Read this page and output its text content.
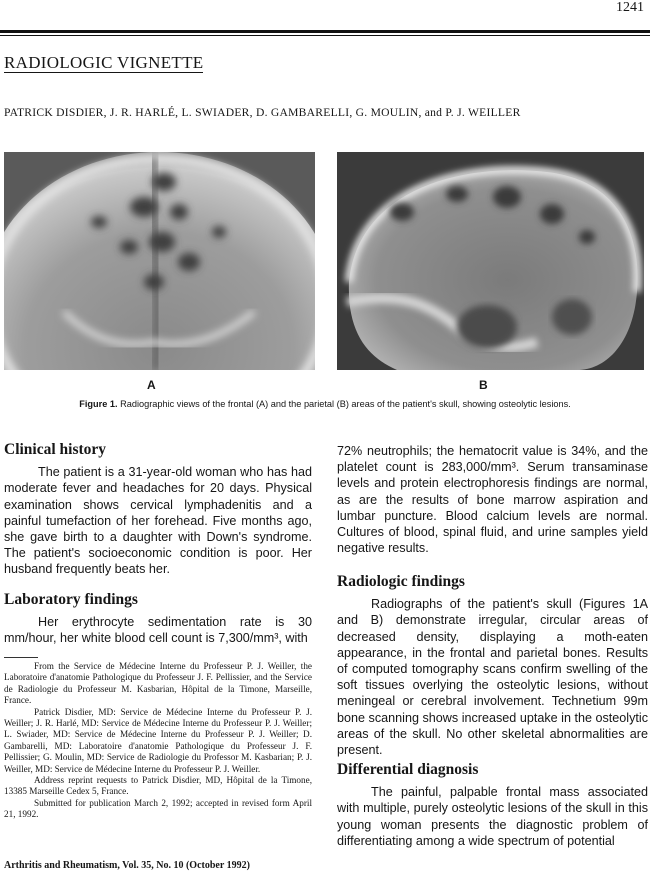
1241
RADIOLOGIC VIGNETTE
PATRICK DISDIER, J. R. HARLÉ, L. SWIADER, D. GAMBARELLI, G. MOULIN, and P. J. WEILLER
A	B
Figure 1. Radiographic views of the frontal (A) and the parietal (B) areas of the patient's skull, showing osteolytic lesions.
Clinical history

The patient is a 31-year-old woman who has had moderate fever and headaches for 20 days. Physical examination shows cervical lymphadenitis and a painful tumefaction of her forehead. Five months ago, she gave birth to a daughter with Down's syndrome. The patient's socioeconomic condition is poor. Her husband frequently beats her.

Laboratory findings

Her erythrocyte sedimentation rate is 30 mm/hour, her white blood cell count is 7,300/mm³, with

From the Service de Médecine Interne du Professeur P. J. Weiller, the Laboratoire d'anatomie Pathologique du Professeur J. F. Pellissier, and the Service de Radiologie du Professeur M. Kasbarian, Hôpital de la Timone, Marseille, France.

Patrick Disdier, MD: Service de Médecine Interne du Professeur P. J. Weiller; J. R. Harlé, MD: Service de Médecine Interne du Professeur P. J. Weiller; L. Swiader, MD: Service de Médecine Interne du Professeur P. J. Weiller; D. Gambarelli, MD: Laboratoire d'anatomie Pathologique du Professeur J. F. Pellissier; G. Moulin, MD: Service de Radiologie du Professor M. Kasbarian; P. J. Weiller, MD: Service de Médecine Interne du Professeur P. J. Weiller.

Address reprint requests to Patrick Disdier, MD, Hôpital de la Timone, 13385 Marseille Cedex 5, France.

Submitted for publication March 2, 1992; accepted in revised form April 21, 1992.

Arthritis and Rheumatism, Vol. 35, No. 10 (October 1992)

72% neutrophils; the hematocrit value is 34%, and the platelet count is 283,000/mm³. Serum transaminase levels and protein electrophoresis findings are normal, as are the results of bone marrow aspiration and lumbar puncture. Blood calcium levels are normal. Cultures of blood, spinal fluid, and urine samples yield negative results.

Radiologic findings

Radiographs of the patient's skull (Figures 1A and B) demonstrate irregular, circular areas of decreased density, displaying a moth-eaten appearance, in the frontal and parietal bones. Results of computed tomography scans confirm swelling of the soft tissues overlying the osteolytic lesions, without meningeal or cerebral involvement. Technetium 99m bone scanning shows increased uptake in the osteolytic areas of the skull. No other skeletal abnormalities are present.

Differential diagnosis

The painful, palpable frontal mass associated with multiple, purely osteolytic lesions of the skull in this young woman presents the diagnostic problem of differentiating among a wide spectrum of potential
